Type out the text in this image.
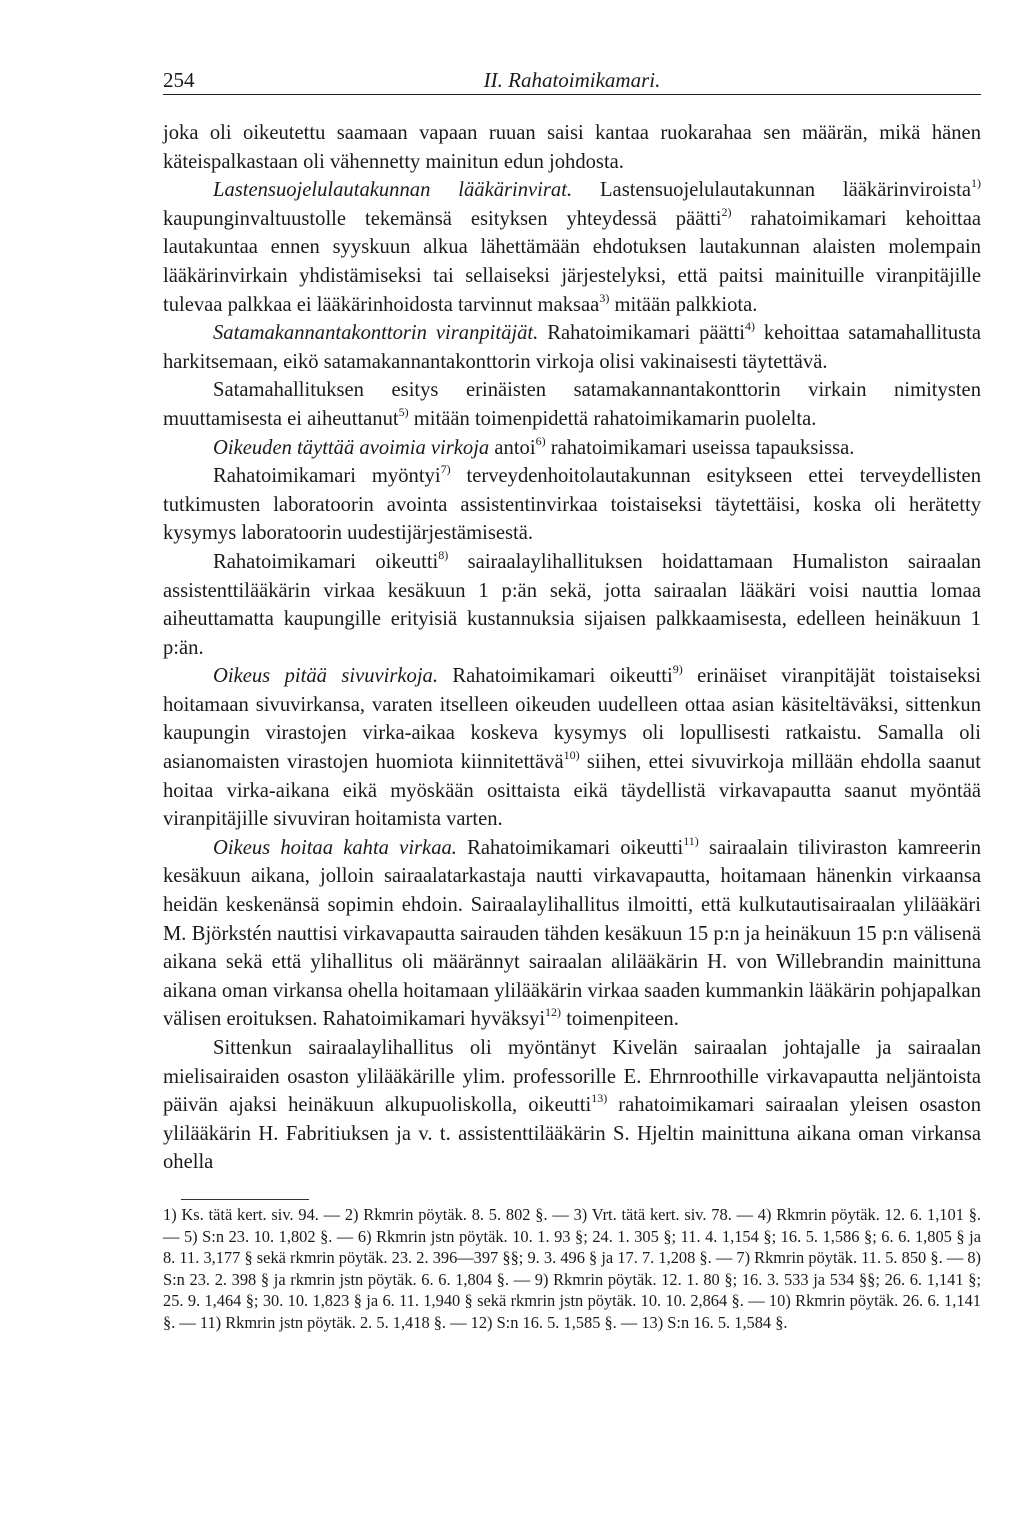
254	II. Rahatoimikamari.

joka oli oikeutettu saamaan vapaan ruuan saisi kantaa ruokarahaa sen määrän, mikä hänen käteispalkastaan oli vähennetty mainitun edun johdosta.

Lastensuojelulautakunnan lääkärinvirat. Lastensuojelulautakunnan lääkärinviroista$^{1)}$ kaupunginvaltuustolle tekemänsä esityksen yhteydessä päätti$^{2)}$ rahatoimikamari kehoittaa lautakuntaa ennen syyskuun alkua lähettämään ehdotuksen lautakunnan alaisten molempain lääkärinvirkain yhdistämiseksi tai sellaiseksi järjestelyksi, että paitsi mainituille viranpitäjille tulevaa palkkaa ei lääkärinhoidosta tarvinnut maksaa$^{3)}$ mitään palkkiota.

Satamakannantakonttorin viranpitäjät. Rahatoimikamari päätti$^{4)}$ kehoittaa satamahallitusta harkitsemaan, eikö satamakannantakonttorin virkoja olisi vakinaisesti täytettävä.

Satamahallituksen esitys erinäisten satamakannantakonttorin virkain nimitysten muuttamisesta ei aiheuttanut$^{5)}$ mitään toimenpidettä rahatoimikamarin puolelta.

Oikeuden täyttää avoimia virkoja antoi$^{6)}$ rahatoimikamari useissa tapauksissa.

Rahatoimikamari myöntyi$^{7)}$ terveydenhoitolautakunnan esitykseen ettei terveydellisten tutkimusten laboratoorin avointa assistentinvirkaa toistaiseksi täytettäisi, koska oli herätetty kysymys laboratoorin uudestijärjestämisestä.

Rahatoimikamari oikeutti$^{8)}$ sairaalaylihallituksen hoidattamaan Humaliston sairaalan assistenttilääkärin virkaa kesäkuun 1 p:än sekä, jotta sairaalan lääkäri voisi nauttia lomaa aiheuttamatta kaupungille erityisiä kustannuksia sijaisen palkkaamisesta, edelleen heinäkuun 1 p:än.

Oikeus pitää sivuvirkoja. Rahatoimikamari oikeutti$^{9)}$ erinäiset viranpitäjät toistaiseksi hoitamaan sivuvirkansa, varaten itselleen oikeuden uudelleen ottaa asian käsiteltäväksi, sittenkun kaupungin virastojen virka-aikaa koskeva kysymys oli lopullisesti ratkaistu. Samalla oli asianomaisten virastojen huomiota kiinnitettävä$^{10)}$ siihen, ettei sivuvirkoja millään ehdolla saanut hoitaa virka-aikana eikä myöskään osittaista eikä täydellistä virkavapautta saanut myöntää viranpitäjille sivuviran hoitamista varten.

Oikeus hoitaa kahta virkaa. Rahatoimikamari oikeutti$^{11)}$ sairaalain tiliviraston kamreerin kesäkuun aikana, jolloin sairaalatarkastaja nautti virkavapautta, hoitamaan hänenkin virkaansa heidän keskenänsä sopimin ehdoin. Sairaalaylihallitus ilmoitti, että kulkutautisairaalan ylilääkäri M. Björkstén nauttisi virkavapautta sairauden tähden kesäkuun 15 p:n ja heinäkuun 15 p:n välisenä aikana sekä että ylihallitus oli määrännyt sairaalan alilääkärin H. von Willebrandin mainittuna aikana oman virkansa ohella hoitamaan ylilääkärin virkaa saaden kummankin lääkärin pohjapalkan välisen eroituksen. Rahatoimikamari hyväksyi$^{12)}$ toimenpiteen.

Sittenkun sairaalaylihallitus oli myöntänyt Kivelän sairaalan johtajalle ja sairaalan mielisairaiden osaston ylilääkärille ylim. professorille E. Ehrnroothille virkavapautta neljäntoista päivän ajaksi heinäkuun alkupuoliskolla, oikeutti$^{13)}$ rahatoimikamari sairaalan yleisen osaston ylilääkärin H. Fabritiuksen ja v. t. assistenttilääkärin S. Hjeltin mainittuna aikana oman virkansa ohella

1) Ks. tätä kert. siv. 94. — 2) Rkmrin pöytäk. 8. 5. 802 §. — 3) Vrt. tätä kert. siv. 78. — 4) Rkmrin pöytäk. 12. 6. 1,101 §. — 5) S:n 23. 10. 1,802 §. — 6) Rkmrin jstn pöytäk. 10. 1. 93 §; 24. 1. 305 §; 11. 4. 1,154 §; 16. 5. 1,586 §; 6. 6. 1,805 § ja 8. 11. 3,177 § sekä rkmrin pöytäk. 23. 2. 396—397 §§; 9. 3. 496 § ja 17. 7. 1,208 §. — 7) Rkmrin pöytäk. 11. 5. 850 §. — 8) S:n 23. 2. 398 § ja rkmrin jstn pöytäk. 6. 6. 1,804 §. — 9) Rkmrin pöytäk. 12. 1. 80 §; 16. 3. 533 ja 534 §§; 26. 6. 1,141 §; 25. 9. 1,464 §; 30. 10. 1,823 § ja 6. 11. 1,940 § sekä rkmrin jstn pöytäk. 10. 10. 2,864 §. — 10) Rkmrin pöytäk. 26. 6. 1,141 §. — 11) Rkmrin jstn pöytäk. 2. 5. 1,418 §. — 12) S:n 16. 5. 1,585 §. — 13) S:n 16. 5. 1,584 §.
